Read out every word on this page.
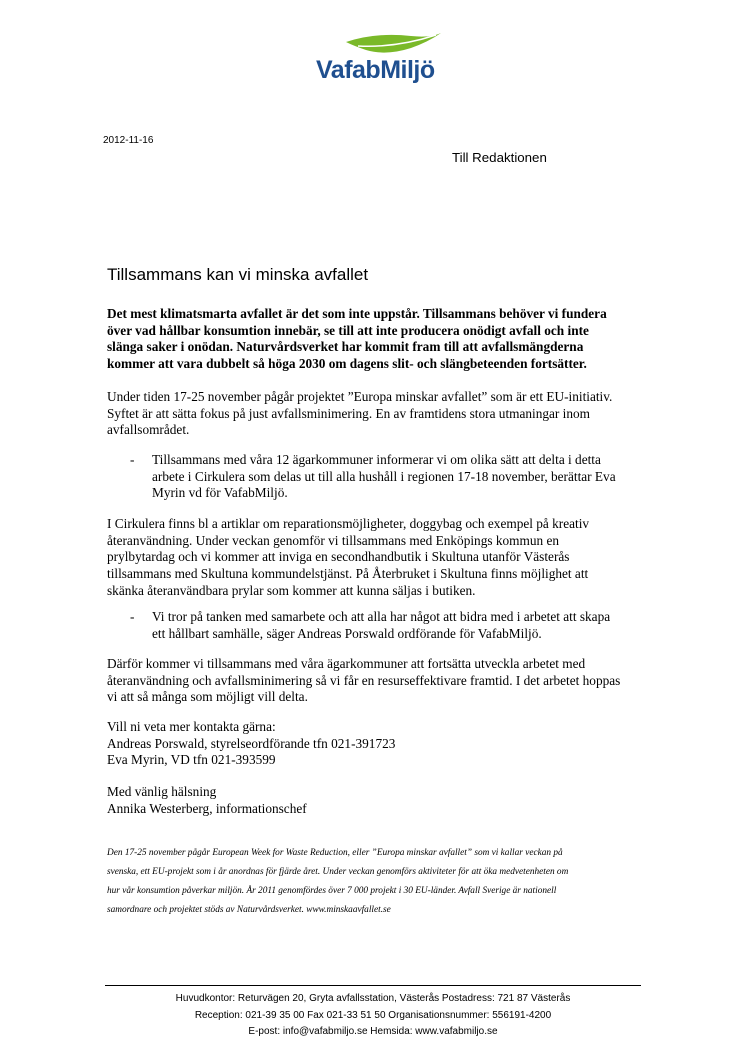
VafabMiljö
2012-11-16
Till Redaktionen
Tillsammans kan vi minska avfallet
Det mest klimatsmarta avfallet är det som inte uppstår. Tillsammans behöver vi fundera
över vad hållbar konsumtion innebär, se till att inte producera onödigt avfall och inte
slänga saker i onödan. Naturvårdsverket har kommit fram till att avfallsmängderna
kommer att vara dubbelt så höga 2030 om dagens slit- och slängbeteenden fortsätter.
Under tiden 17-25 november pågår projektet ”Europa minskar avfallet” som är ett EU-initiativ.
Syftet är att sätta fokus på just avfallsminimering. En av framtidens stora utmaningar inom
avfallsområdet.
- Tillsammans med våra 12 ägarkommuner informerar vi om olika sätt att delta i detta
arbete i Cirkulera som delas ut till alla hushåll i regionen 17-18 november, berättar Eva
Myrin vd för VafabMiljö.
I Cirkulera finns bl a artiklar om reparationsmöjligheter, doggybag och exempel på kreativ
återanvändning. Under veckan genomför vi tillsammans med Enköpings kommun en
prylbytardag och vi kommer att inviga en secondhandbutik i Skultuna utanför Västerås
tillsammans med Skultuna kommundelstjänst. På Återbruket i Skultuna finns möjlighet att
skänka återanvändbara prylar som kommer att kunna säljas i butiken.
- Vi tror på tanken med samarbete och att alla har något att bidra med i arbetet att skapa
ett hållbart samhälle, säger Andreas Porswald ordförande för VafabMiljö.
Därför kommer vi tillsammans med våra ägarkommuner att fortsätta utveckla arbetet med
återanvändning och avfallsminimering så vi får en resurseffektivare framtid. I det arbetet hoppas
vi att så många som möjligt vill delta.
Vill ni veta mer kontakta gärna:
Andreas Porswald, styrelseordförande tfn 021-391723
Eva Myrin, VD tfn 021-393599
Med vänlig hälsning
Annika Westerberg, informationschef
Den 17-25 november pågår European Week for Waste Reduction, eller ”Europa minskar avfallet” som vi kallar veckan på
svenska, ett EU-projekt som i år anordnas för fjärde året. Under veckan genomförs aktiviteter för att öka medvetenheten om
hur vår konsumtion påverkar miljön. År 2011 genomfördes över 7 000 projekt i 30 EU-länder. Avfall Sverige är nationell
samordnare och projektet stöds av Naturvårdsverket. www.minskaavfallet.se
Huvudkontor: Returvägen 20, Gryta avfallsstation, Västerås Postadress: 721 87 Västerås
Reception: 021-39 35 00 Fax 021-33 51 50 Organisationsnummer: 556191-4200
E-post: info@vafabmiljo.se Hemsida: www.vafabmiljo.se
